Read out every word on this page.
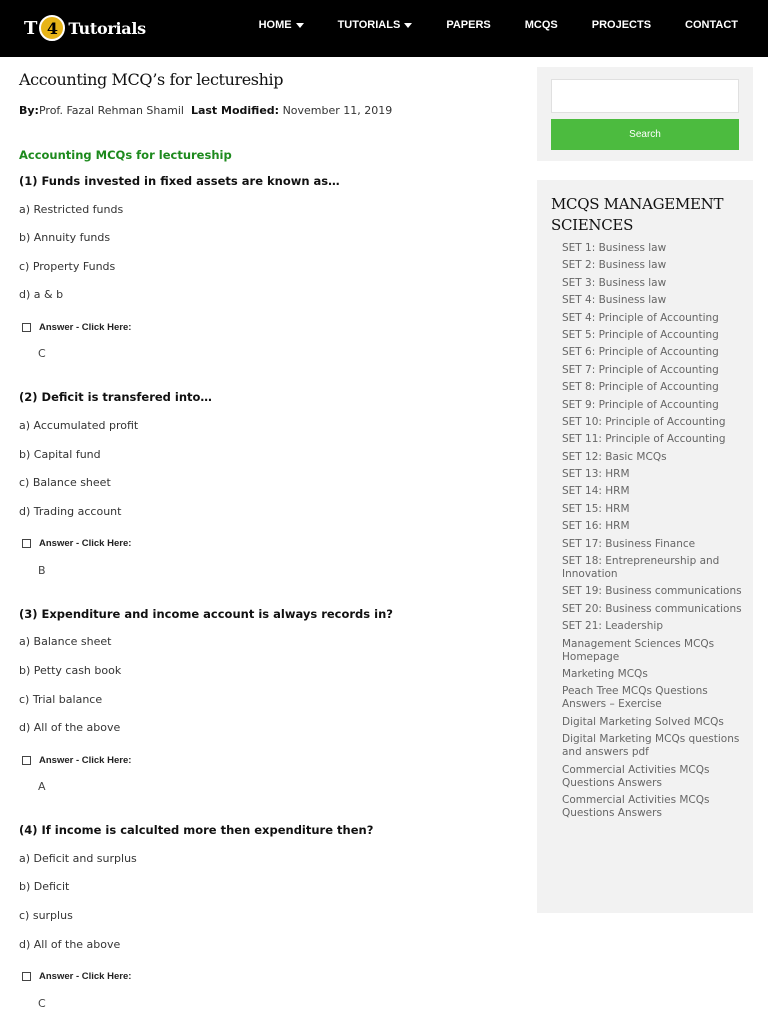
T 4 Tutorials	HOME	TUTORIALS	PAPERS	MCQS	PROJECTS	CONTACT
Accounting MCQ’s for lectureship
By:Prof. Fazal Rehman Shamil Last Modified: November 11, 2019
Accounting MCQs for lectureship
(1) Funds invested in fixed assets are known as…
a) Restricted funds
b) Annuity funds
c) Property Funds
d) a & b
Answer - Click Here:
C
(2) Deficit is transfered into…
a) Accumulated profit
b) Capital fund
c) Balance sheet
d) Trading account
Answer - Click Here:
B
(3) Expenditure and income account is always records in?
a) Balance sheet
b) Petty cash book
c) Trial balance
d) All of the above
Answer - Click Here:
A
(4) If income is calculted more then expenditure then?
a) Deficit and surplus
b) Deficit
c) surplus
d) All of the above
Answer - Click Here:
C
Search
MCQS MANAGEMENT
SCIENCES
SET 1: Business law
SET 2: Business law
SET 3: Business law
SET 4: Business law
SET 4: Principle of Accounting
SET 5: Principle of Accounting
SET 6: Principle of Accounting
SET 7: Principle of Accounting
SET 8: Principle of Accounting
SET 9: Principle of Accounting
SET 10: Principle of Accounting
SET 11: Principle of Accounting
SET 12: Basic MCQs
SET 13: HRM
SET 14: HRM
SET 15: HRM
SET 16: HRM
SET 17: Business Finance
SET 18: Entrepreneurship and Innovation
SET 19: Business communications
SET 20: Business communications
SET 21: Leadership
Management Sciences MCQs Homepage
Marketing MCQs
Peach Tree MCQs Questions Answers – Exercise
Digital Marketing Solved MCQs
Digital Marketing MCQs questions and answers pdf
Commercial Activities MCQs Questions Answers
Commercial Activities MCQs Questions Answers
